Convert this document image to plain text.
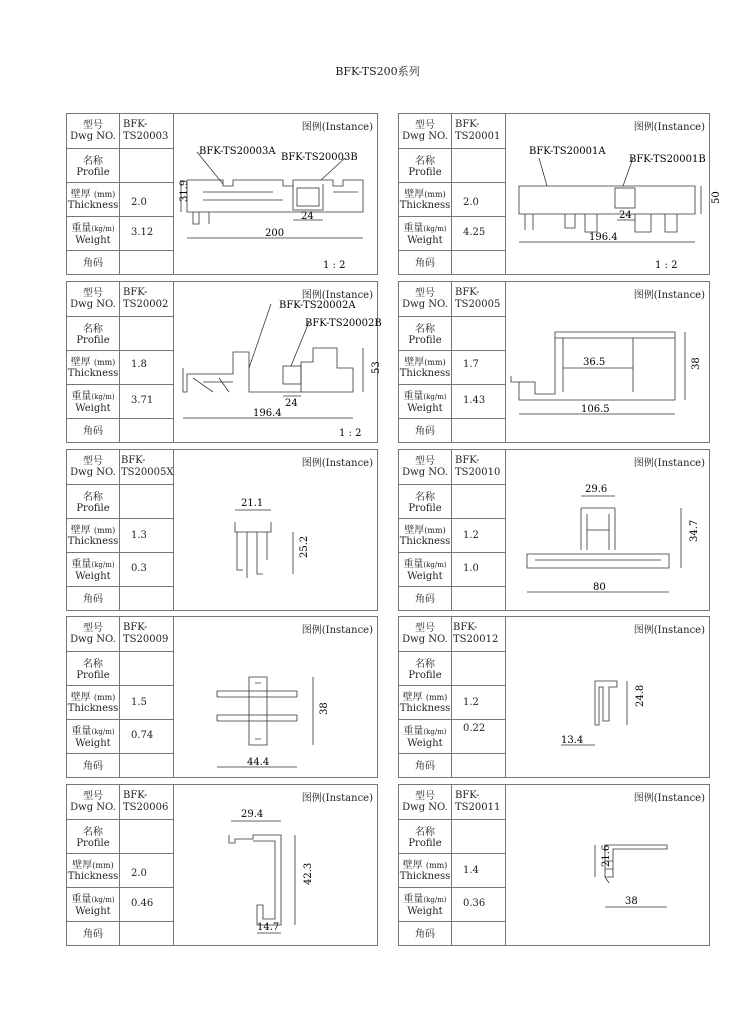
BFK-TS200系列
型号
Dwg NO.
BFK-
TS20003
名称
Profile
壁厚 (mm)
Thickness 2.0
重量(kg/m)
Weight
3.12
角码
图例(Instance)
BFK-TS20003A
BFK-TS20003B
31.9
24
200
1 : 2
型号
Dwg NO.
BFK-
TS20001
名称
Profile
壁厚(mm)
Thickness 2.0
重量(kg/m)
Weight
4.25
角码
图例(Instance)
BFK-TS20001A
BFK-TS20001B
50
24
196.4
1 : 2
型号
Dwg NO.
BFK-
TS20002
名称
Profile
壁厚 (mm)
Thickness
1.8
重量(kg/m)
Weight
3.71
角码
图例(Instance)
BFK-TS20002A
BFK-TS20002B
53
24
196.4
1 : 2
型号
Dwg NO.
BFK-
TS20005
名称
Profile
壁厚(mm)
Thickness
1.7
重量(kg/m)
Weight
1.43
角码
图例(Instance)
36.5	38
106.5
型号
Dwg NO.
BFK-
TS20005X
名称
Profile
壁厚 (mm)
Thickness
1.3
重量(kg/m)
Weight
0.3
角码
图例(Instance)
21.1
25.2
型号
Dwg NO.
BFK-
TS20010
名称
Profile
壁厚(mm)
Thickness
1.2
重量(kg/m)
Weight
1.0
角码
图例(Instance)
29.6
34.7
80
型号
Dwg NO.
BFK-
TS20009
名称
Profile
壁厚 (mm)
Thickness
1.5
重量(kg/m)
Weight
0.74
角码
图例(Instance)
38
44.4
型号
Dwg NO.
BFK-
TS20012
名称
Profile
壁厚 (mm)
Thickness
1.2
重量(kg/m)
Weight
0.22
角码
图例(Instance)
24.8
13.4
型号
Dwg NO.
BFK-
TS20006
名称
Profile
壁厚(mm)
Thickness 2.0
重量(kg/m)
Weight
0.46
角码
图例(Instance)
29.4
42.3
14.7
型号
Dwg NO.
BFK-
TS20011
名称
Profile
壁厚 (mm)
Thickness
1.4
重量(kg/m)
Weight
0.36
角码
图例(Instance)
21.6
38
